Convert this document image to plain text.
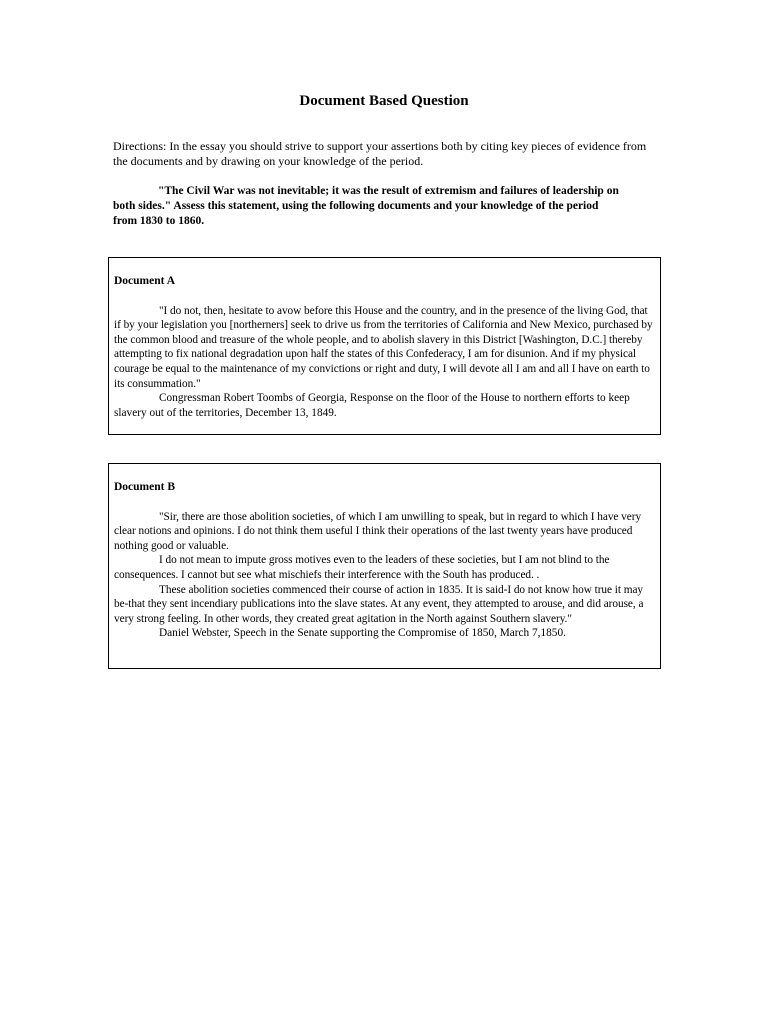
Document Based Question
Directions: In the essay you should strive to support your assertions both by citing key pieces of evidence from the documents and by drawing on your knowledge of the period.
"The Civil War was not inevitable; it was the result of extremism and failures of leadership on both sides." Assess this statement, using the following documents and your knowledge of the period from 1830 to 1860.
Document A

"I do not, then, hesitate to avow before this House and the country, and in the presence of the living God, that if by your legislation you [northerners] seek to drive us from the territories of California and New Mexico, purchased by the common blood and treasure of the whole people, and to abolish slavery in this District [Washington, D.C.] thereby attempting to fix national degradation upon half the states of this Confederacy, I am for disunion. And if my physical courage be equal to the maintenance of my convictions or right and duty, I will devote all I am and all I have on earth to its consummation."

Congressman Robert Toombs of Georgia, Response on the floor of the House to northern efforts to keep slavery out of the territories, December 13, 1849.

Document B

"Sir, there are those abolition societies, of which I am unwilling to speak, but in regard to which I have very clear notions and opinions. I do not think them useful I think their operations of the last twenty years have produced nothing good or valuable.

I do not mean to impute gross motives even to the leaders of these societies, but I am not blind to the consequences. I cannot but see what mischiefs their interference with the South has produced. .

These abolition societies commenced their course of action in 1835. It is said-I do not know how true it may be-that they sent incendiary publications into the slave states. At any event, they attempted to arouse, and did arouse, a very strong feeling. In other words, they created great agitation in the North against Southern slavery."

Daniel Webster, Speech in the Senate supporting the Compromise of 1850, March 7,1850.
